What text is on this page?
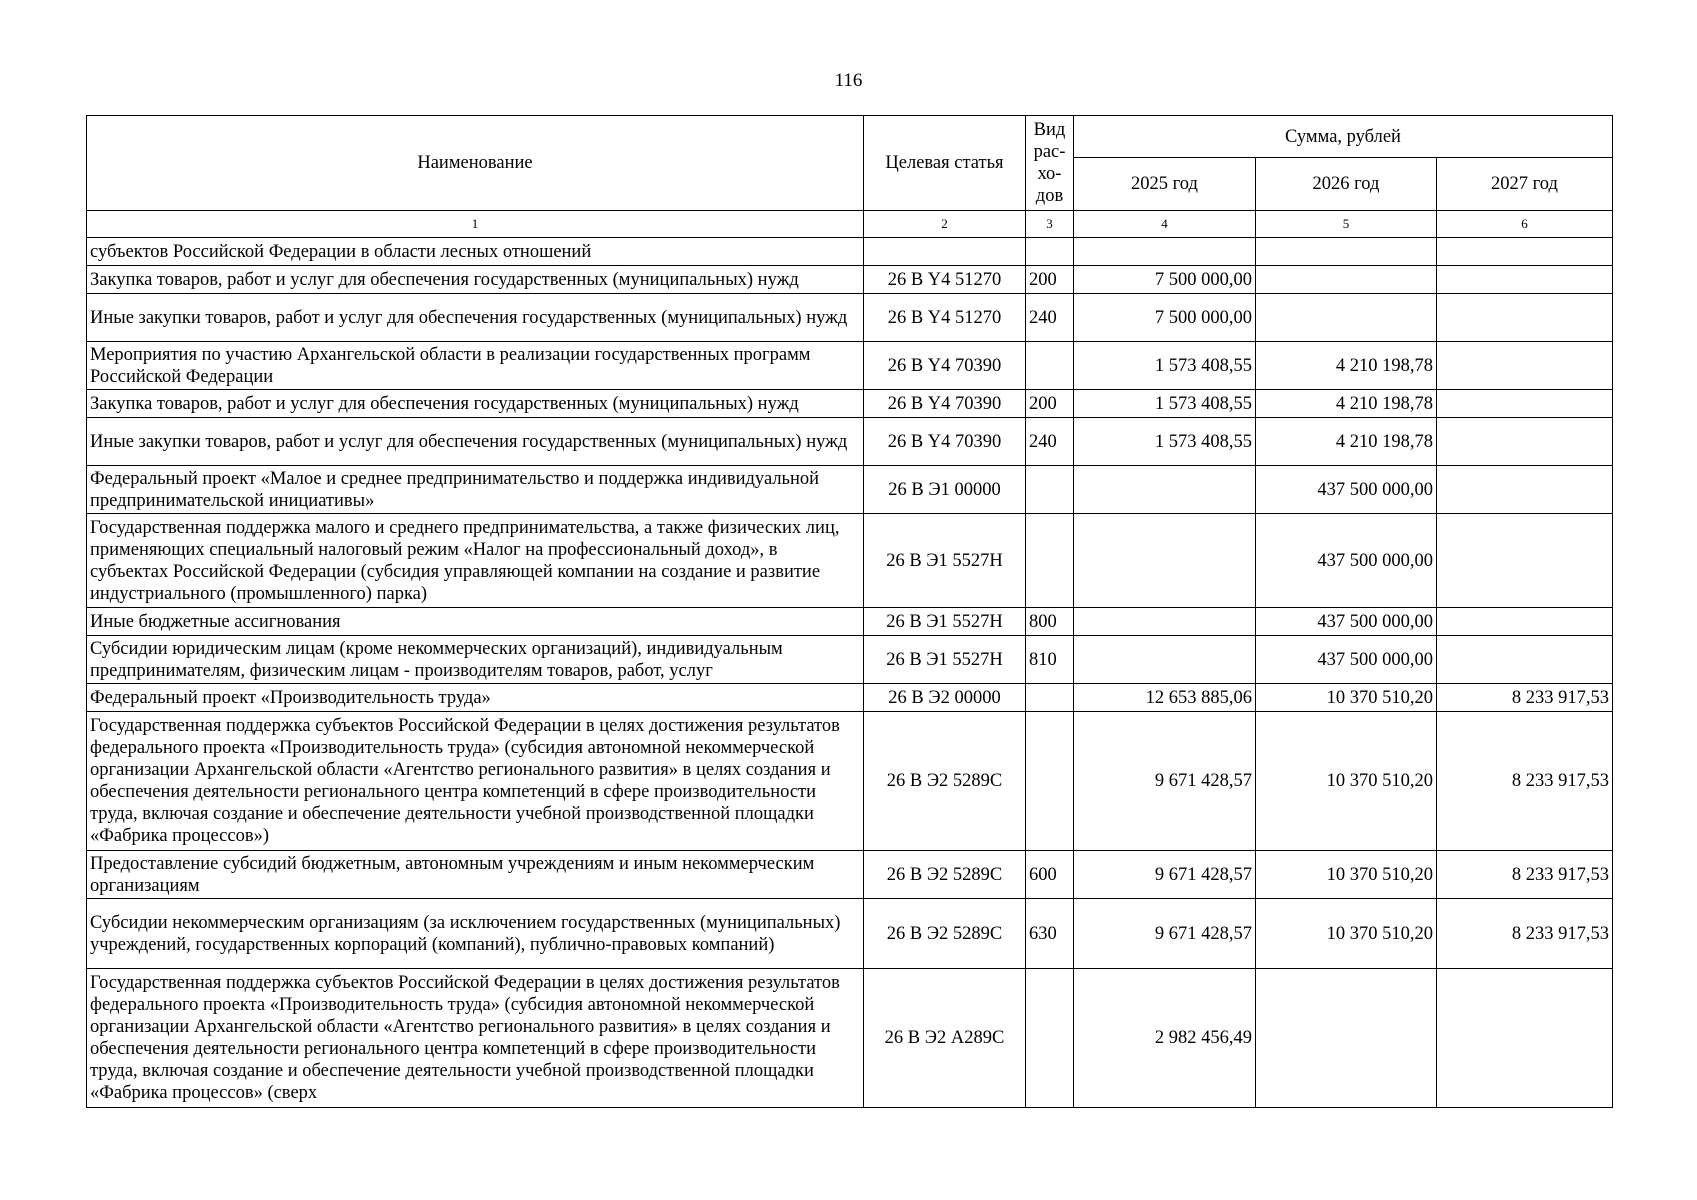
116
Наименование	Целевая статья	Вид рас- хо- дов	Сумма, рублей		
			2025 год	2026 год	2027 год
1	2	3	4	5	6
субъектов Российской Федерации в области лесных отношений					
Закупка товаров, работ и услуг для обеспечения государственных (муниципальных) нужд	26 В Y4 51270	200	7 500 000,00		
Иные закупки товаров, работ и услуг для обеспечения государственных (муниципальных) нужд	26 В Y4 51270	240	7 500 000,00		
Мероприятия по участию Архангельской области в реализации государственных программ Российской Федерации	26 В Y4 70390		1 573 408,55	4 210 198,78	
Закупка товаров, работ и услуг для обеспечения государственных (муниципальных) нужд	26 В Y4 70390	200	1 573 408,55	4 210 198,78	
Иные закупки товаров, работ и услуг для обеспечения государственных (муниципальных) нужд	26 В Y4 70390	240	1 573 408,55	4 210 198,78	
Федеральный проект «Малое и среднее предпринимательство и поддержка индивидуальной предпринимательской инициативы»	26 В Э1 00000			437 500 000,00	
Государственная поддержка малого и среднего предпринимательства, а также физических лиц, применяющих специальный налоговый режим «Налог на профессиональный доход», в субъектах Российской Федерации (субсидия управляющей компании на создание и развитие индустриального (промышленного) парка)	26 В Э1 5527Н			437 500 000,00	
Иные бюджетные ассигнования	26 В Э1 5527Н	800		437 500 000,00	
Субсидии юридическим лицам (кроме некоммерческих организаций), индивидуальным предпринимателям, физическим лицам - производителям товаров, работ, услуг	26 В Э1 5527Н	810		437 500 000,00	
Федеральный проект «Производительность труда»	26 В Э2 00000		12 653 885,06	10 370 510,20	8 233 917,53
Государственная поддержка субъектов Российской Федерации в целях достижения результатов федерального проекта «Производительность труда» (субсидия автономной некоммерческой организации Архангельской области «Агентство регионального развития» в целях создания и обеспечения деятельности регионального центра компетенций в сфере производительности труда, включая создание и обеспечение деятельности учебной производственной площадки «Фабрика процессов»)	26 В Э2 5289С		9 671 428,57	10 370 510,20	8 233 917,53
Предоставление субсидий бюджетным, автономным учреждениям и иным некоммерческим организациям	26 В Э2 5289С	600	9 671 428,57	10 370 510,20	8 233 917,53
Субсидии некоммерческим организациям (за исключением государственных (муниципальных) учреждений, государственных корпораций (компаний), публично-правовых компаний)	26 В Э2 5289С	630	9 671 428,57	10 370 510,20	8 233 917,53
Государственная поддержка субъектов Российской Федерации в целях достижения результатов федерального проекта «Производительность труда» (субсидия автономной некоммерческой организации Архангельской области «Агентство регионального развития» в целях создания и обеспечения деятельности регионального центра компетенций в сфере производительности труда, включая создание и обеспечение деятельности учебной производственной площадки «Фабрика процессов» (сверх	26 В Э2 А289С		2 982 456,49		
